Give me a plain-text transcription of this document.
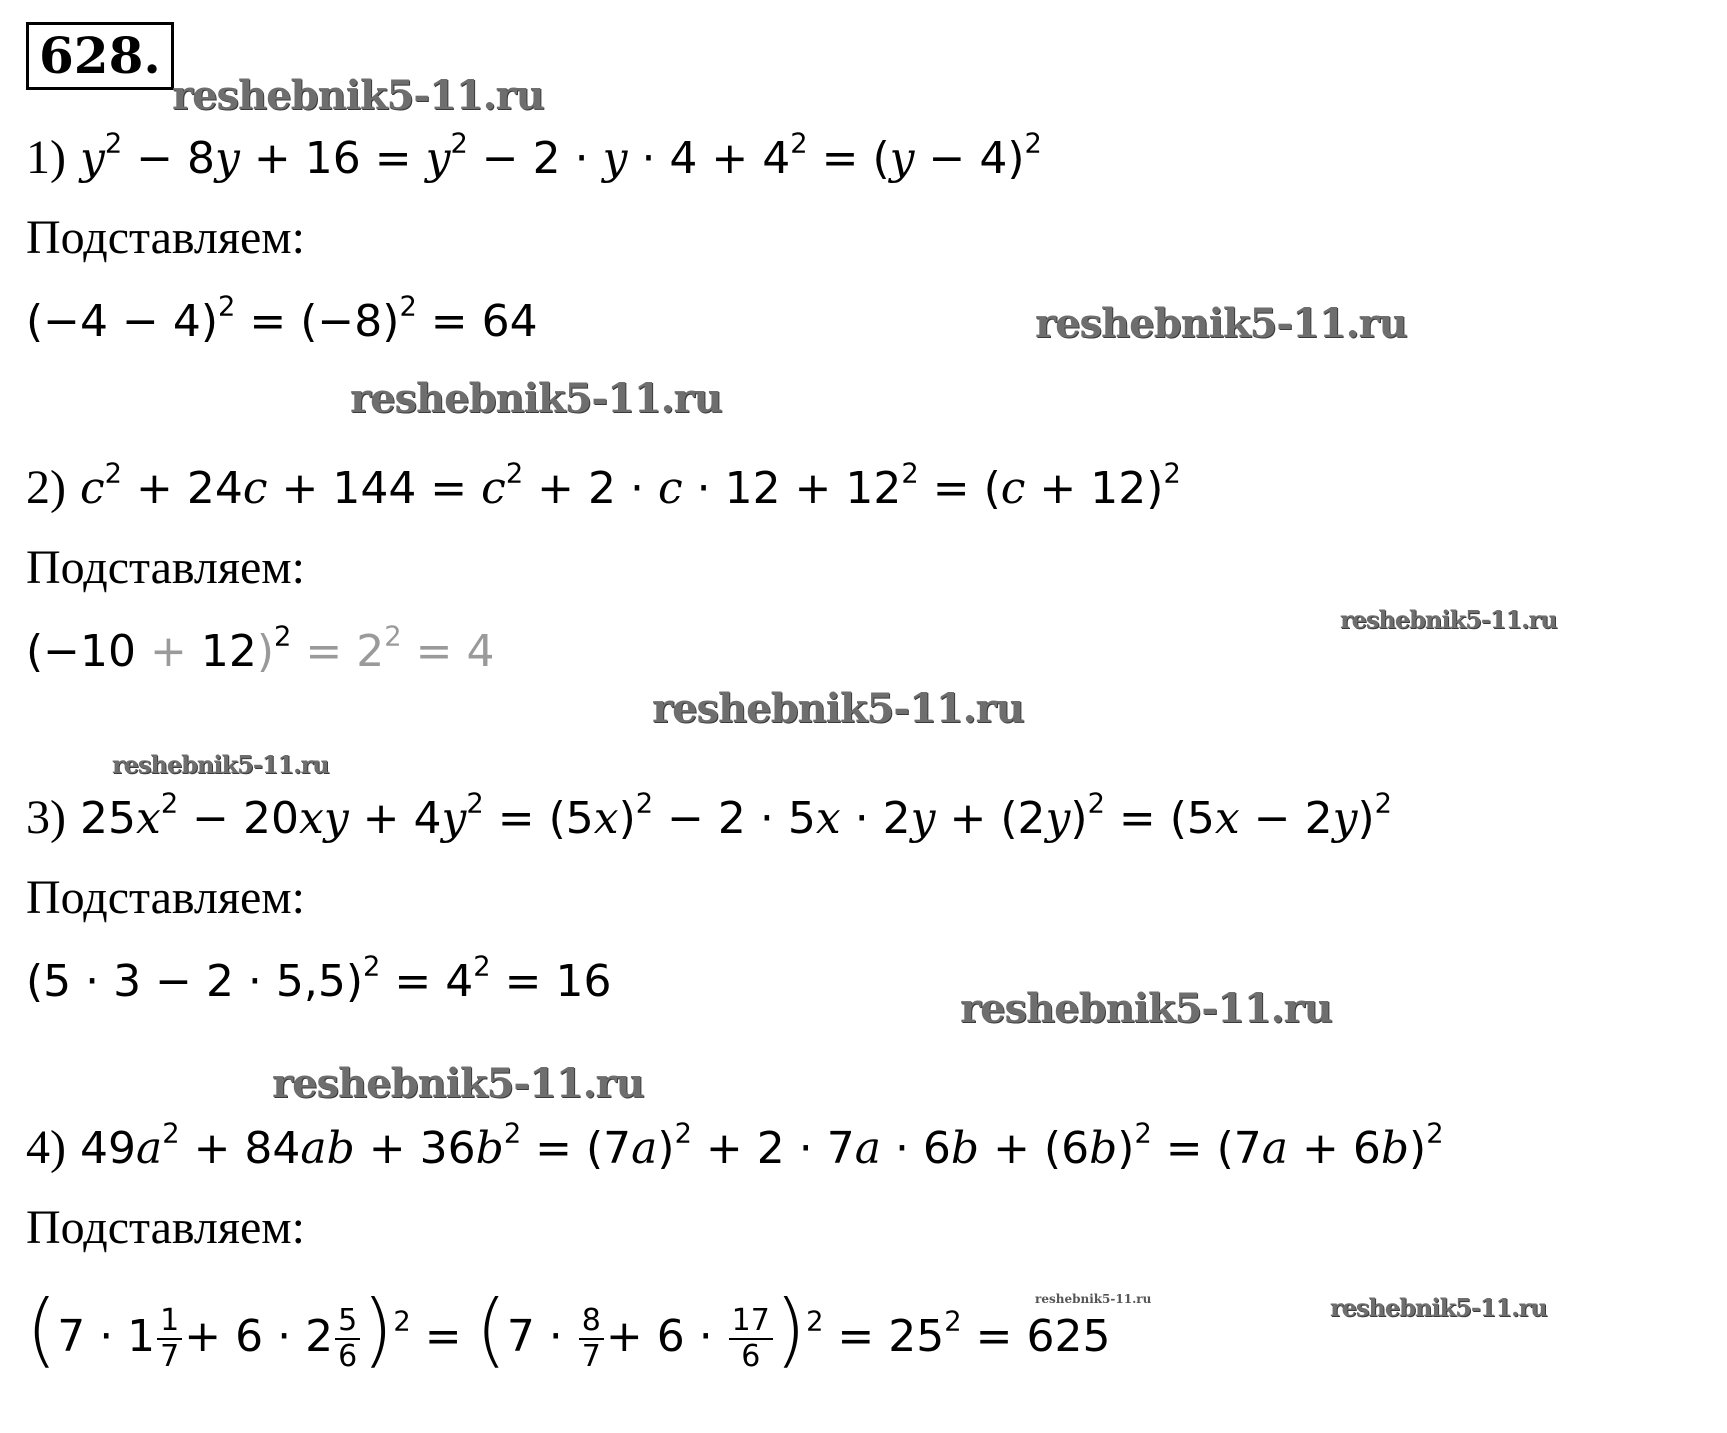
628.
reshebnik5-11.ru
reshebnik5-11.ru
reshebnik5-11.ru
reshebnik5-11.ru
reshebnik5-11.ru
reshebnik5-11.ru
reshebnik5-11.ru
reshebnik5-11.ru
reshebnik5-11.ru	reshebnik5-11.ru
1) $y^2 - 8y + 16 = y^2 - 2 \cdot y \cdot 4 + 4^2 = (y - 4)^2$
Подставляем:
$(-4 - 4)^2 = (-8)^2 = 64$
2) $c^2 + 24c + 144 = c^2 + 2 \cdot c \cdot 12 + 12^2 = (c + 12)^2$
Подставляем:
$(-10 + 12)^2 = 2^2 = 4$
3) $25x^2 - 20xy + 4y^2 = (5x)^2 - 2 \cdot 5x \cdot 2y + (2y)^2 = (5x - 2y)^2$
Подставляем:
$(5 \cdot 3 - 2 \cdot 5,5)^2 = 4^2 = 16$
4) $49a^2 + 84ab + 36b^2 = (7a)^2 + 2 \cdot 7a \cdot 6b + (6b)^2 = (7a + 6b)^2$
Подставляем:
$(7 \cdot 1 \frac{1}{7} + 6 \cdot 2 \frac{5}{6} )^2 = (7 \cdot \frac{8}{7} + 6 \cdot \frac{17}{6} )^2 = 25^2 = 625$
